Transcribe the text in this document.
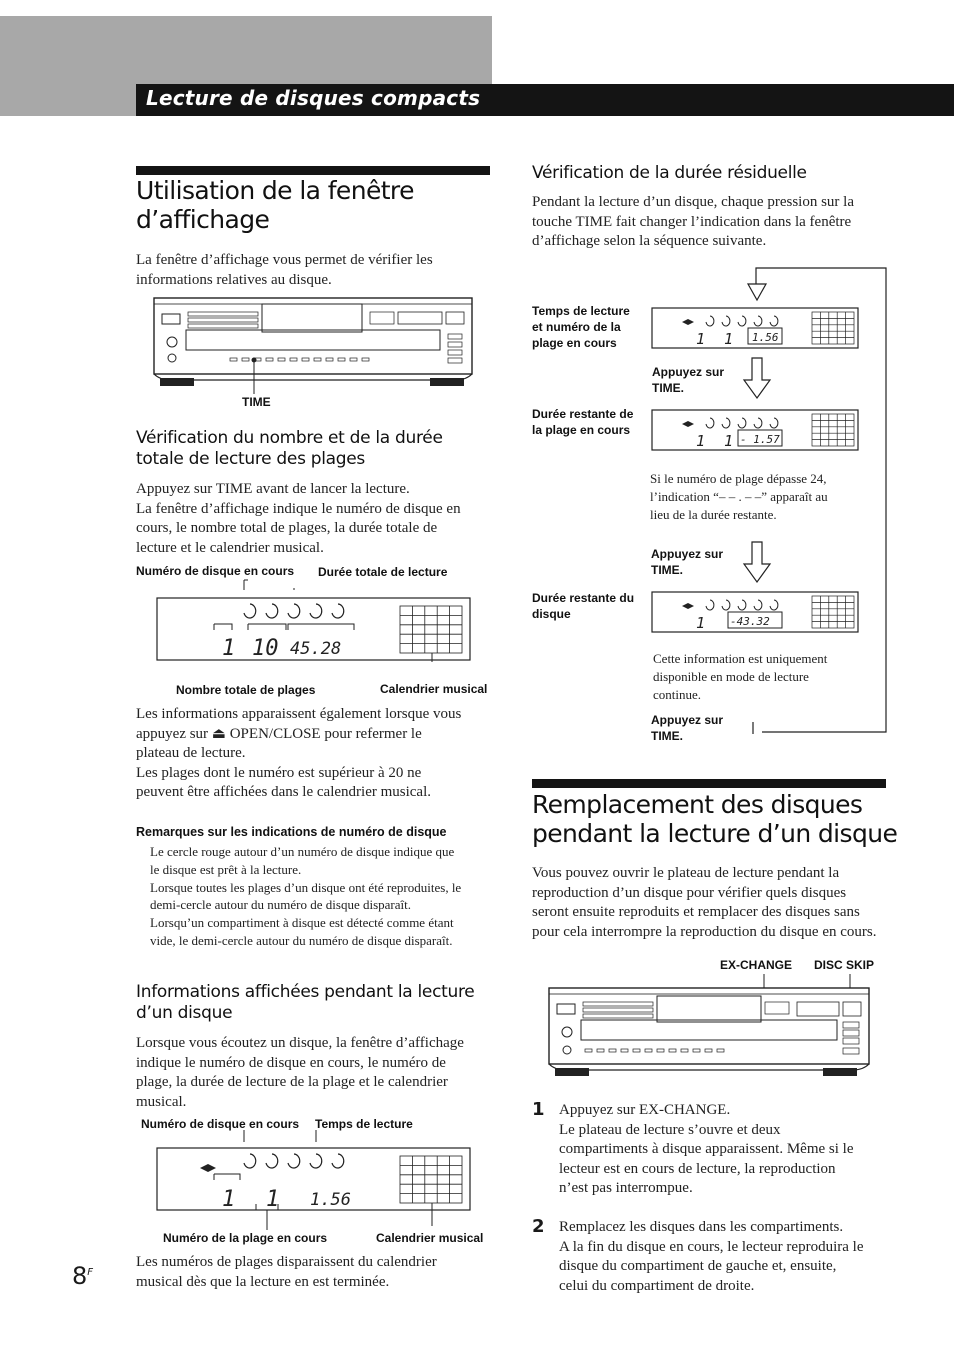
Lecture de disques compacts
Utilisation de la fenêtre
d’affichage
La fenêtre d’affichage vous permet de vérifier les
informations relatives au disque.
TIME
Vérification du nombre et de la durée
totale de lecture des plages
Appuyez sur TIME avant de lancer la lecture.
La fenêtre d’affichage indique le numéro de disque en
cours, le nombre total de plages, la durée totale de
lecture et le calendrier musical.
Numéro de disque en cours Durée totale de lecture
1 10 45.28
Nombre totale de plages	Calendrier musical
Les informations apparaissent également lorsque vous
appuyez sur ⏏ OPEN/CLOSE pour refermer le
plateau de lecture.
Les plages dont le numéro est supérieur à 20 ne
peuvent être affichées dans le calendrier musical.
Remarques sur les indications de numéro de disque
Le cercle rouge autour d’un numéro de disque indique que
le disque est prêt à la lecture.
Lorsque toutes les plages d’un disque ont été reproduites, le
demi-cercle autour du numéro de disque disparaît.
Lorsqu’un compartiment à disque est détecté comme étant
vide, le demi-cercle autour du numéro de disque disparaît.
Informations affichées pendant la lecture
d’un disque
Lorsque vous écoutez un disque, la fenêtre d’affichage
indique le numéro de disque en cours, le numéro de
plage, la durée de lecture de la plage et le calendrier
musical.
Numéro de disque en cours Temps de lecture
1 1 1.56
Numéro de la plage en cours	Calendrier musical
Les numéros de plages disparaissent du calendrier
musical dès que la lecture en est terminée.
Vérification de la durée résiduelle
Pendant la lecture d’un disque, chaque pression sur la
touche TIME fait changer l’indication dans la fenêtre
d’affichage selon la séquence suivante.
1 1 1.56
1 1 - 1.57
1 -43.32
Temps de lecture
et numéro de la
plage en cours
Appuyez sur
TIME.
Durée restante de
la plage en cours
Si le numéro de plage dépasse 24,
l’indication “– – . – –” apparaît au
lieu de la durée restante.
Appuyez sur
TIME.
Durée restante du
disque
Cette information est uniquement
disponible en mode de lecture
continue.
Appuyez sur
TIME.
Remplacement des disques
pendant la lecture d’un disque
Vous pouvez ouvrir le plateau de lecture pendant la
reproduction d’un disque pour vérifier quels disques
seront ensuite reproduits et remplacer des disques sans
pour cela interrompre la reproduction du disque en cours.
EX-CHANGE DISC SKIP
1 Appuyez sur EX-CHANGE.
Le plateau de lecture s’ouvre et deux
compartiments à disque apparaissent. Même si le
lecteur est en cours de lecture, la reproduction
n’est pas interrompue.
2 Remplacez les disques dans les compartiments.
A la fin du disque en cours, le lecteur reproduira le
disque du compartiment de gauche et, ensuite,
celui du compartiment de droite.
$8^F$
